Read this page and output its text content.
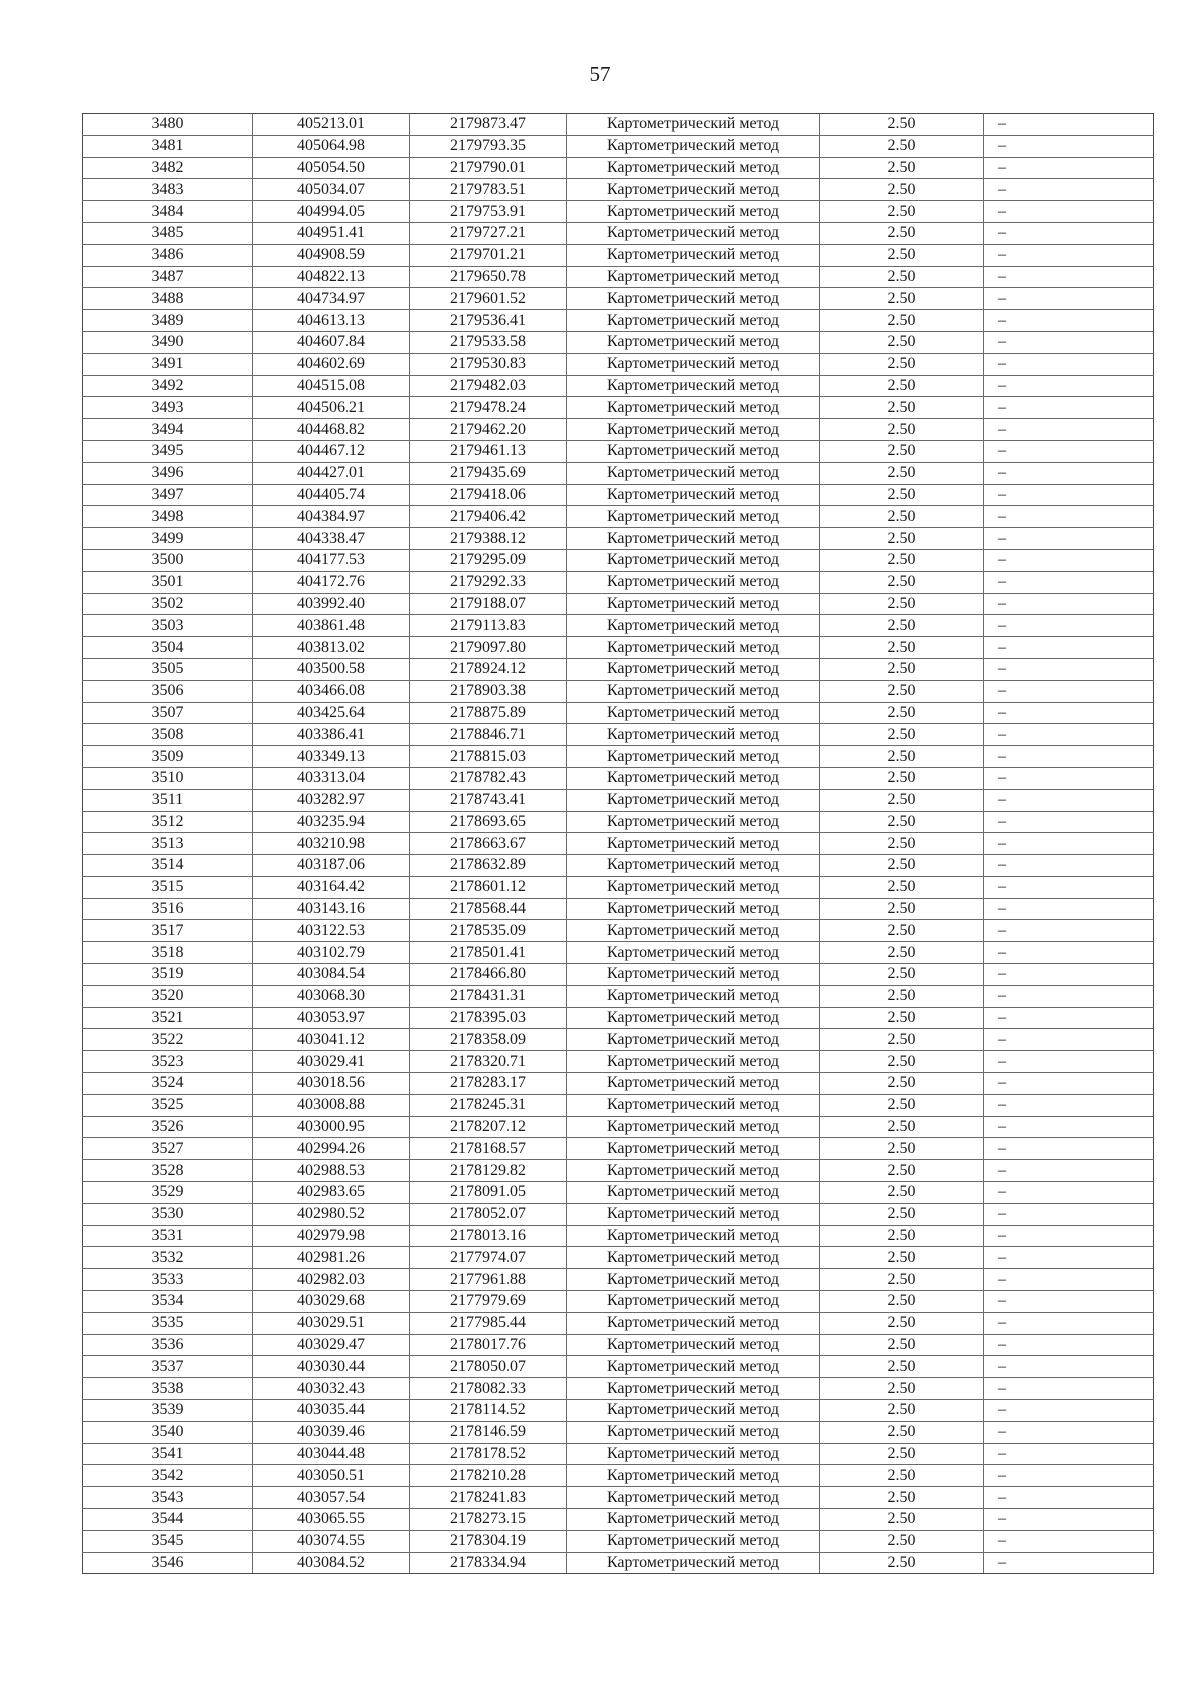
57
3480	405213.01	2179873.47	Картометрический метод	2.50	–
3481	405064.98	2179793.35	Картометрический метод	2.50	–
3482	405054.50	2179790.01	Картометрический метод	2.50	–
3483	405034.07	2179783.51	Картометрический метод	2.50	–
3484	404994.05	2179753.91	Картометрический метод	2.50	–
3485	404951.41	2179727.21	Картометрический метод	2.50	–
3486	404908.59	2179701.21	Картометрический метод	2.50	–
3487	404822.13	2179650.78	Картометрический метод	2.50	–
3488	404734.97	2179601.52	Картометрический метод	2.50	–
3489	404613.13	2179536.41	Картометрический метод	2.50	–
3490	404607.84	2179533.58	Картометрический метод	2.50	–
3491	404602.69	2179530.83	Картометрический метод	2.50	–
3492	404515.08	2179482.03	Картометрический метод	2.50	–
3493	404506.21	2179478.24	Картометрический метод	2.50	–
3494	404468.82	2179462.20	Картометрический метод	2.50	–
3495	404467.12	2179461.13	Картометрический метод	2.50	–
3496	404427.01	2179435.69	Картометрический метод	2.50	–
3497	404405.74	2179418.06	Картометрический метод	2.50	–
3498	404384.97	2179406.42	Картометрический метод	2.50	–
3499	404338.47	2179388.12	Картометрический метод	2.50	–
3500	404177.53	2179295.09	Картометрический метод	2.50	–
3501	404172.76	2179292.33	Картометрический метод	2.50	–
3502	403992.40	2179188.07	Картометрический метод	2.50	–
3503	403861.48	2179113.83	Картометрический метод	2.50	–
3504	403813.02	2179097.80	Картометрический метод	2.50	–
3505	403500.58	2178924.12	Картометрический метод	2.50	–
3506	403466.08	2178903.38	Картометрический метод	2.50	–
3507	403425.64	2178875.89	Картометрический метод	2.50	–
3508	403386.41	2178846.71	Картометрический метод	2.50	–
3509	403349.13	2178815.03	Картометрический метод	2.50	–
3510	403313.04	2178782.43	Картометрический метод	2.50	–
3511	403282.97	2178743.41	Картометрический метод	2.50	–
3512	403235.94	2178693.65	Картометрический метод	2.50	–
3513	403210.98	2178663.67	Картометрический метод	2.50	–
3514	403187.06	2178632.89	Картометрический метод	2.50	–
3515	403164.42	2178601.12	Картометрический метод	2.50	–
3516	403143.16	2178568.44	Картометрический метод	2.50	–
3517	403122.53	2178535.09	Картометрический метод	2.50	–
3518	403102.79	2178501.41	Картометрический метод	2.50	–
3519	403084.54	2178466.80	Картометрический метод	2.50	–
3520	403068.30	2178431.31	Картометрический метод	2.50	–
3521	403053.97	2178395.03	Картометрический метод	2.50	–
3522	403041.12	2178358.09	Картометрический метод	2.50	–
3523	403029.41	2178320.71	Картометрический метод	2.50	–
3524	403018.56	2178283.17	Картометрический метод	2.50	–
3525	403008.88	2178245.31	Картометрический метод	2.50	–
3526	403000.95	2178207.12	Картометрический метод	2.50	–
3527	402994.26	2178168.57	Картометрический метод	2.50	–
3528	402988.53	2178129.82	Картометрический метод	2.50	–
3529	402983.65	2178091.05	Картометрический метод	2.50	–
3530	402980.52	2178052.07	Картометрический метод	2.50	–
3531	402979.98	2178013.16	Картометрический метод	2.50	–
3532	402981.26	2177974.07	Картометрический метод	2.50	–
3533	402982.03	2177961.88	Картометрический метод	2.50	–
3534	403029.68	2177979.69	Картометрический метод	2.50	–
3535	403029.51	2177985.44	Картометрический метод	2.50	–
3536	403029.47	2178017.76	Картометрический метод	2.50	–
3537	403030.44	2178050.07	Картометрический метод	2.50	–
3538	403032.43	2178082.33	Картометрический метод	2.50	–
3539	403035.44	2178114.52	Картометрический метод	2.50	–
3540	403039.46	2178146.59	Картометрический метод	2.50	–
3541	403044.48	2178178.52	Картометрический метод	2.50	–
3542	403050.51	2178210.28	Картометрический метод	2.50	–
3543	403057.54	2178241.83	Картометрический метод	2.50	–
3544	403065.55	2178273.15	Картометрический метод	2.50	–
3545	403074.55	2178304.19	Картометрический метод	2.50	–
3546	403084.52	2178334.94	Картометрический метод	2.50	–
